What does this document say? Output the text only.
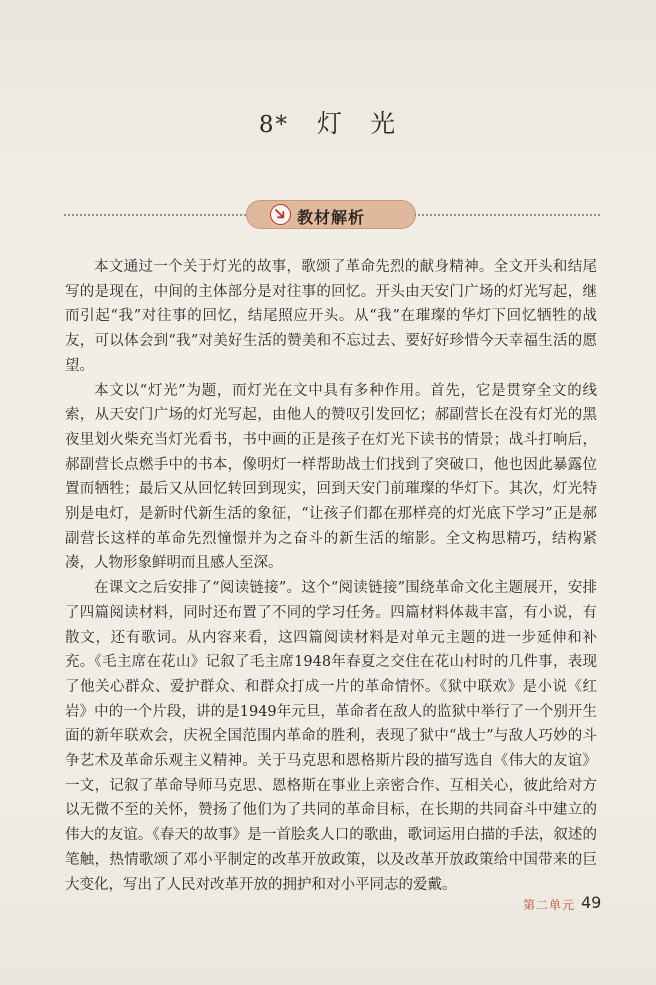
8* 灯 光
教材解析

本文通过一个关于灯光的故事，歌颂了革命先烈的献身精神。全文开头和结尾写的是现在，中间的主体部分是对往事的回忆。开头由天安门广场的灯光写起，继而引起“我”对往事的回忆，结尾照应开头。从“我”在璀璨的华灯下回忆牺牲的战友，可以体会到“我”对美好生活的赞美和不忘过去、要好好珍惜今天幸福生活的愿望。

本文以“灯光”为题，而灯光在文中具有多种作用。首先，它是贯穿全文的线索，从天安门广场的灯光写起，由他人的赞叹引发回忆；郝副营长在没有灯光的黑夜里划火柴充当灯光看书，书中画的正是孩子在灯光下读书的情景；战斗打响后，郝副营长点燃手中的书本，像明灯一样帮助战士们找到了突破口，他也因此暴露位置而牺牲；最后又从回忆转回到现实，回到天安门前璀璨的华灯下。其次，灯光特别是电灯，是新时代新生活的象征，“让孩子们都在那样亮的灯光底下学习”正是郝副营长这样的革命先烈憧憬并为之奋斗的新生活的缩影。全文构思精巧，结构紧凑，人物形象鲜明而且感人至深。

在课文之后安排了“阅读链接”。这个“阅读链接”围绕革命文化主题展开，安排了四篇阅读材料，同时还布置了不同的学习任务。四篇材料体裁丰富，有小说，有散文，还有歌词。从内容来看，这四篇阅读材料是对单元主题的进一步延伸和补充。《毛主席在花山》记叙了毛主席1948年春夏之交住在花山村时的几件事，表现了他关心群众、爱护群众、和群众打成一片的革命情怀。《狱中联欢》是小说《红岩》中的一个片段，讲的是1949年元旦，革命者在敌人的监狱中举行了一个别开生面的新年联欢会，庆祝全国范围内革命的胜利，表现了狱中“战士”与敌人巧妙的斗争艺术及革命乐观主义精神。关于马克思和恩格斯片段的描写选自《伟大的友谊》一文，记叙了革命导师马克思、恩格斯在事业上亲密合作、互相关心，彼此给对方以无微不至的关怀，赞扬了他们为了共同的革命目标，在长期的共同奋斗中建立的伟大的友谊。《春天的故事》是一首脍炙人口的歌曲，歌词运用白描的手法，叙述的笔触，热情歌颂了邓小平制定的改革开放政策，以及改革开放政策给中国带来的巨大变化，写出了人民对改革开放的拥护和对小平同志的爱戴。

第二单元 49
